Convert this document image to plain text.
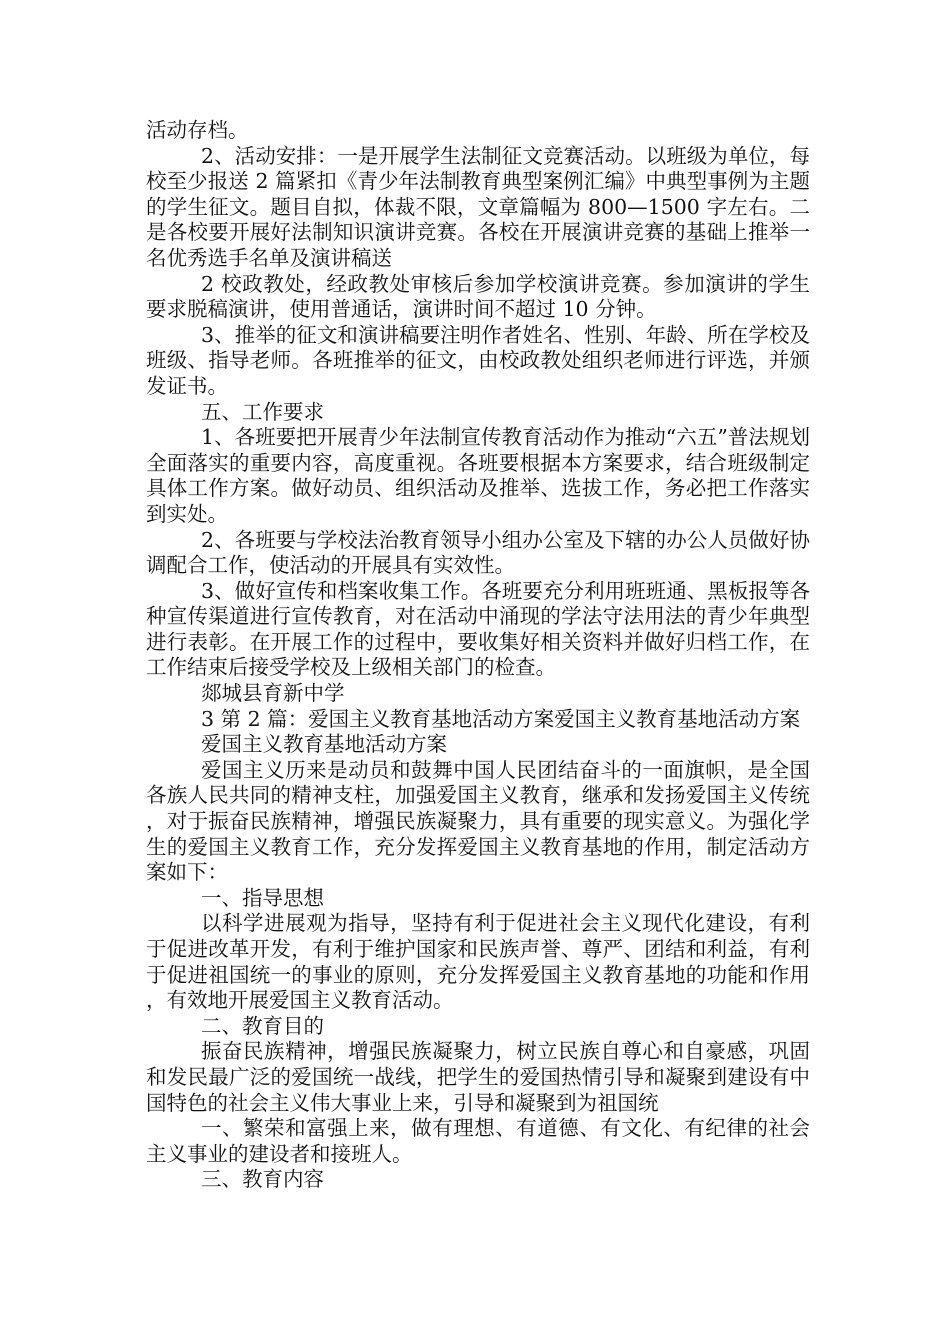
活动存档。

2、活动安排：一是开展学生法制征文竞赛活动。以班级为单位，每校至少报送 2 篇紧扣《青少年法制教育典型案例汇编》中典型事例为主题的学生征文。题目自拟，体裁不限，文章篇幅为 800—1500 字左右。二是各校要开展好法制知识演讲竞赛。各校在开展演讲竞赛的基础上推举一名优秀选手名单及演讲稿送

2 校政教处，经政教处审核后参加学校演讲竞赛。参加演讲的学生要求脱稿演讲，使用普通话，演讲时间不超过 10 分钟。

3、推举的征文和演讲稿要注明作者姓名、性别、年龄、所在学校及班级、指导老师。各班推举的征文，由校政教处组织老师进行评选，并颁发证书。

五、工作要求

1、各班要把开展青少年法制宣传教育活动作为推动“六五”普法规划全面落实的重要内容，高度重视。各班要根据本方案要求，结合班级制定具体工作方案。做好动员、组织活动及推举、选拔工作，务必把工作落实到实处。

2、各班要与学校法治教育领导小组办公室及下辖的办公人员做好协调配合工作，使活动的开展具有实效性。

3、做好宣传和档案收集工作。各班要充分利用班班通、黑板报等各种宣传渠道进行宣传教育，对在活动中涌现的学法守法用法的青少年典型进行表彰。在开展工作的过程中，要收集好相关资料并做好归档工作，在工作结束后接受学校及上级相关部门的检查。

郯城县育新中学

3 第 2 篇：爱国主义教育基地活动方案爱国主义教育基地活动方案

爱国主义教育基地活动方案

爱国主义历来是动员和鼓舞中国人民团结奋斗的一面旗帜，是全国各族人民共同的精神支柱，加强爱国主义教育，继承和发扬爱国主义传统，对于振奋民族精神，增强民族凝聚力，具有重要的现实意义。为强化学生的爱国主义教育工作，充分发挥爱国主义教育基地的作用，制定活动方案如下：

一、指导思想

以科学进展观为指导，坚持有利于促进社会主义现代化建设，有利于促进改革开发，有利于维护国家和民族声誉、尊严、团结和利益，有利于促进祖国统一的事业的原则，充分发挥爱国主义教育基地的功能和作用，有效地开展爱国主义教育活动。

二、教育目的

振奋民族精神，增强民族凝聚力，树立民族自尊心和自豪感，巩固和发民最广泛的爱国统一战线，把学生的爱国热情引导和凝聚到建设有中国特色的社会主义伟大事业上来，引导和凝聚到为祖国统

一、繁荣和富强上来，做有理想、有道德、有文化、有纪律的社会主义事业的建设者和接班人。

三、教育内容
